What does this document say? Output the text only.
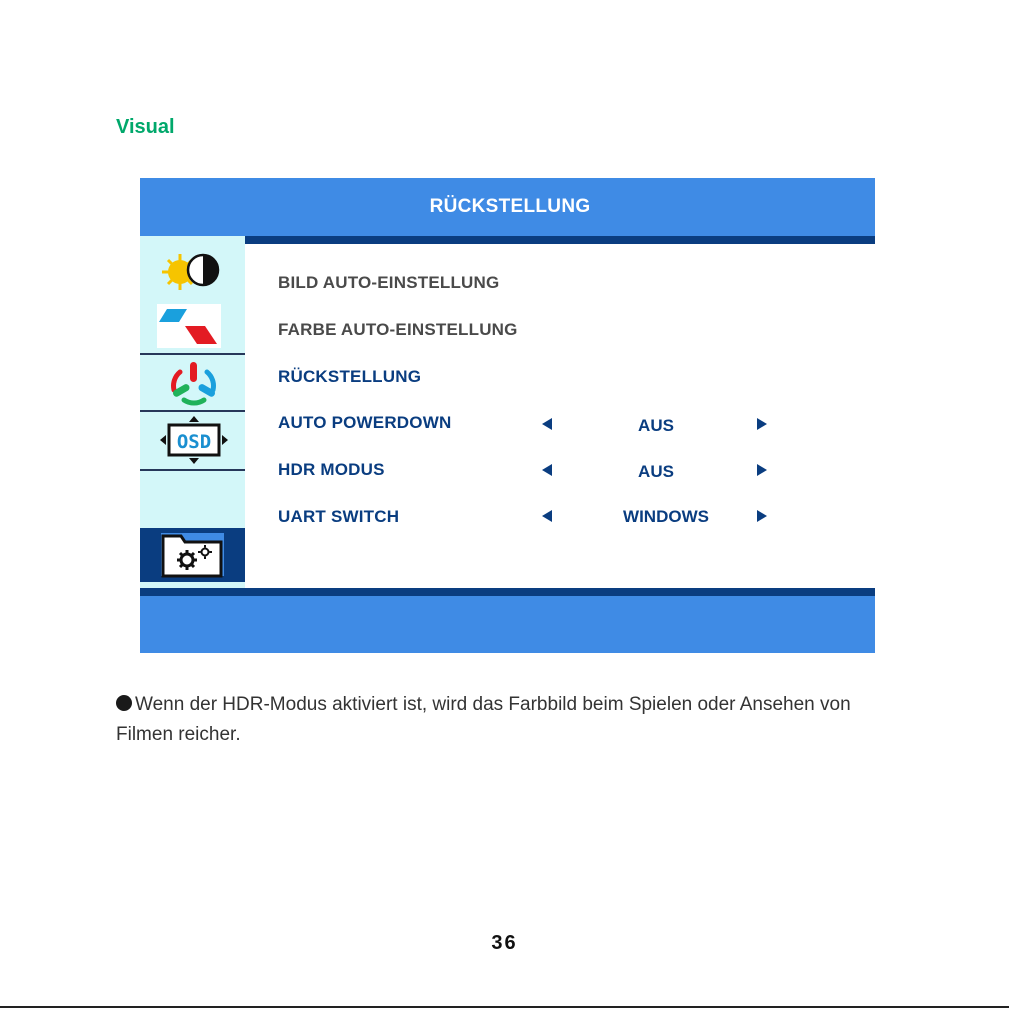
Visual
RÜCKSTELLUNG
OSD
BILD AUTO-EINSTELLUNG
FARBE AUTO-EINSTELLUNG
RÜCKSTELLUNG
AUTO POWERDOWN
HDR MODUS
UART SWITCH
AUS
AUS
WINDOWS
Wenn der HDR-Modus aktiviert ist, wird das Farbbild beim Spielen oder Ansehen von Filmen reicher.
36
